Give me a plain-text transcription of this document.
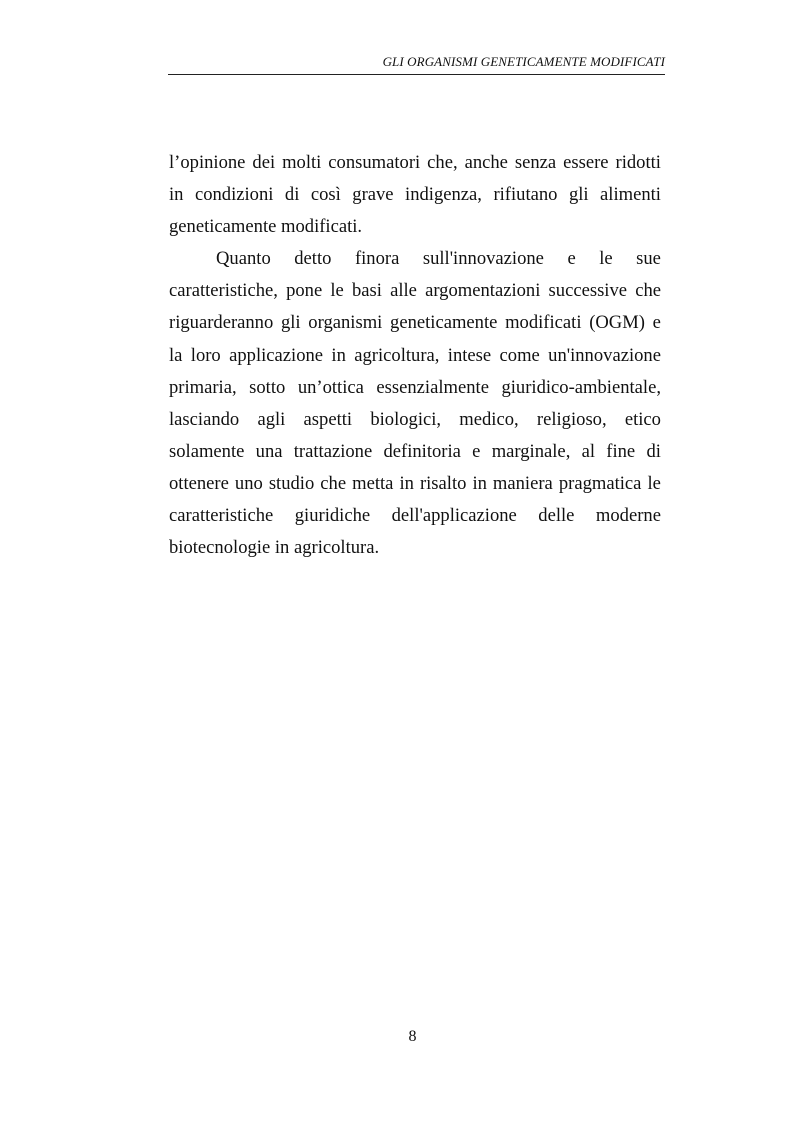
GLI ORGANISMI GENETICAMENTE MODIFICATI
l’opinione dei molti consumatori che, anche senza essere ridotti
in condizioni di così grave indigenza, rifiutano gli alimenti
geneticamente modificati.
Quanto detto finora sull'innovazione e le sue
caratteristiche, pone le basi alle argomentazioni successive che
riguarderanno gli organismi geneticamente modificati (OGM) e
la loro applicazione in agricoltura, intese come un'innovazione
primaria, sotto un’ottica essenzialmente giuridico-ambientale,
lasciando agli aspetti biologici, medico, religioso, etico
solamente una trattazione definitoria e marginale, al fine di
ottenere uno studio che metta in risalto in maniera pragmatica le
caratteristiche giuridiche dell'applicazione delle moderne
biotecnologie in agricoltura.
8
